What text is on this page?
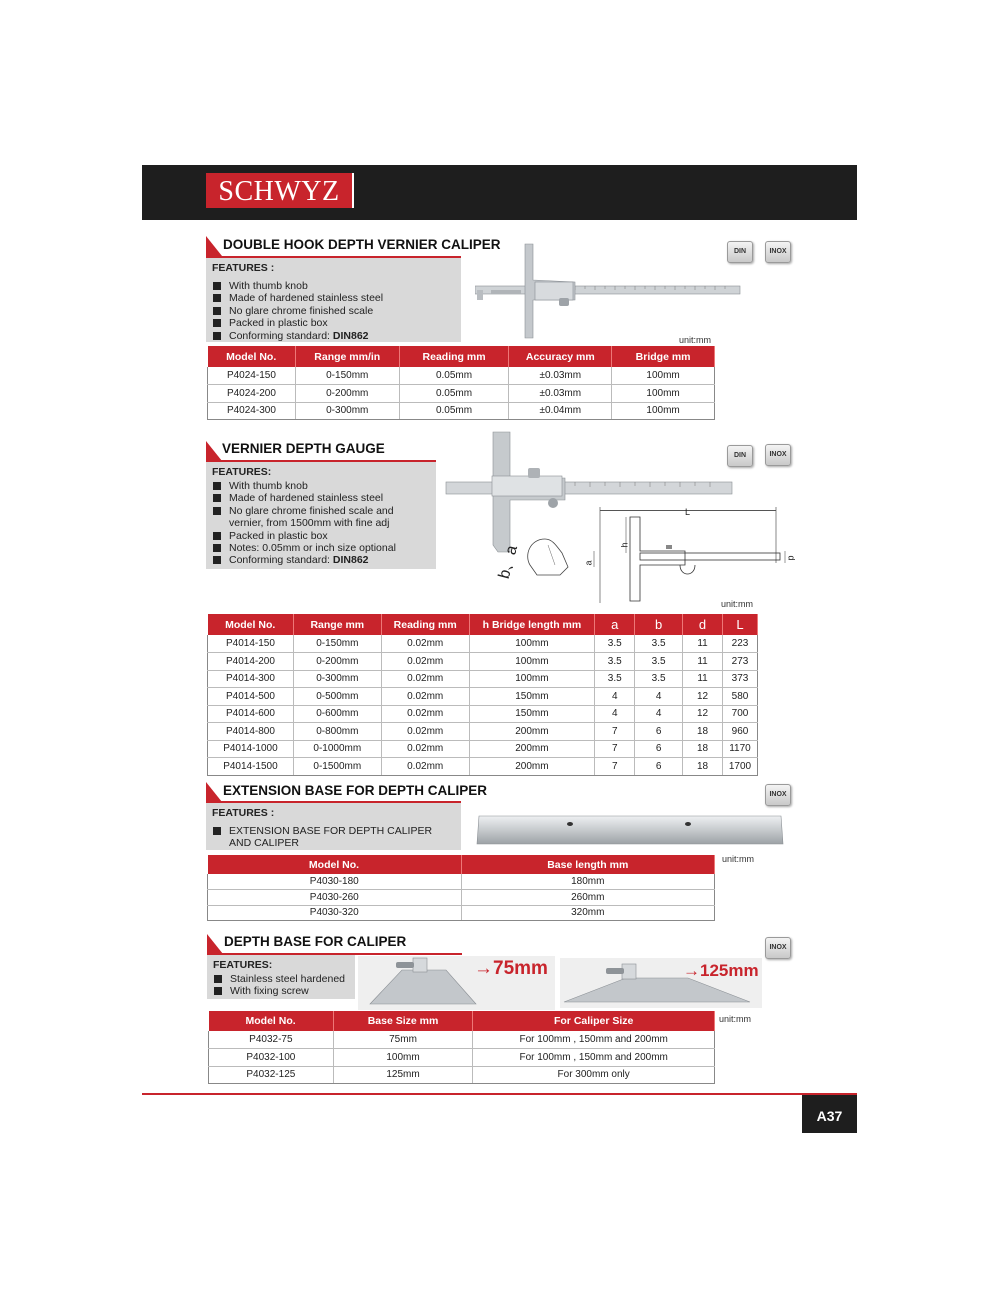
SCHWYZ
DOUBLE HOOK DEPTH VERNIER CALIPER
FEATURES :
With thumb knob
Made of hardened stainless steel
No glare chrome finished scale
Packed in plastic box
Conforming standard: DIN862
DIN	INOX
unit:mm
Model No.	Range mm/in	Reading mm	Accuracy mm	Bridge mm
P4024-150	0-150mm	0.05mm	±0.03mm	100mm
P4024-200	0-200mm	0.05mm	±0.03mm	100mm
P4024-300	0-300mm	0.05mm	±0.04mm	100mm
VERNIER DEPTH GAUGE
FEATURES:
With thumb knob
Made of hardened stainless steel
No glare chrome finished scale and vernier, from 1500mm with fine adj
Packed in plastic box
Notes: 0.05mm or inch size optional
Conforming standard: DIN862
DIN	INOX
L
h
a
d
b、a
unit:mm
Model No.	Range mm	Reading mm	h Bridge length mm	a	b	d	L
P4014-150	0-150mm	0.02mm	100mm	3.5	3.5	11	223
P4014-200	0-200mm	0.02mm	100mm	3.5	3.5	11	273
P4014-300	0-300mm	0.02mm	100mm	3.5	3.5	11	373
P4014-500	0-500mm	0.02mm	150mm	4	4	12	580
P4014-600	0-600mm	0.02mm	150mm	4	4	12	700
P4014-800	0-800mm	0.02mm	200mm	7	6	18	960
P4014-1000	0-1000mm	0.02mm	200mm	7	6	18	1170
P4014-1500	0-1500mm	0.02mm	200mm	7	6	18	1700
EXTENSION BASE FOR DEPTH CALIPER
FEATURES :
EXTENSION BASE FOR DEPTH CALIPER AND CALIPER
INOX
unit:mm
Model No.	Base length mm
P4030-180	180mm
P4030-260	260mm
P4030-320	320mm
DEPTH BASE FOR CALIPER
FEATURES:
Stainless steel hardened
With fixing screw
→75mm	→125mm
INOX
unit:mm
Model No.	Base Size mm	For Caliper Size
P4032-75	75mm	For 100mm , 150mm and 200mm
P4032-100	100mm	For 100mm , 150mm and 200mm
P4032-125	125mm	For 300mm only
A37
